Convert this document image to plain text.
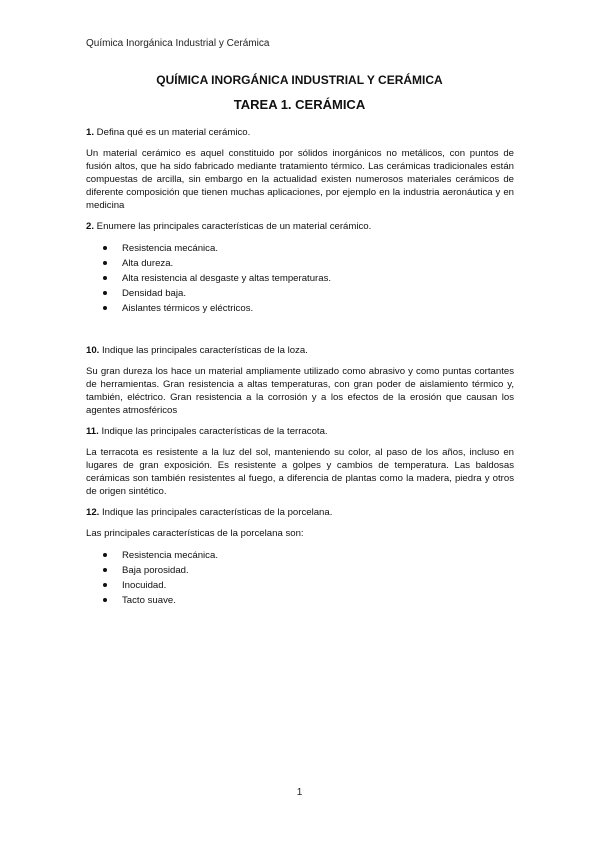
Química Inorgánica Industrial y Cerámica
QUÍMICA INORGÁNICA INDUSTRIAL Y CERÁMICA
TAREA 1. CERÁMICA

1. Defina qué es un material cerámico.

Un material cerámico es aquel constituido por sólidos inorgánicos no metálicos, con puntos de fusión altos, que ha sido fabricado mediante tratamiento térmico. Las cerámicas tradicionales están compuestas de arcilla, sin embargo en la actualidad existen numerosos materiales cerámicos de diferente composición que tienen muchas aplicaciones, por ejemplo en la industria aeronáutica y en medicina

2. Enumere las principales características de un material cerámico.

Resistencia mecánica.
Alta dureza.
Alta resistencia al desgaste y altas temperaturas.
Densidad baja.
Aislantes térmicos y eléctricos.

10. Indique las principales características de la loza.

Su gran dureza los hace un material ampliamente utilizado como abrasivo y como puntas cortantes de herramientas. Gran resistencia a altas temperaturas, con gran poder de aislamiento térmico y, también, eléctrico. Gran resistencia a la corrosión y a los efectos de la erosión que causan los agentes atmosféricos

11. Indique las principales características de la terracota.

La terracota es resistente a la luz del sol, manteniendo su color, al paso de los años, incluso en lugares de gran exposición. Es resistente a golpes y cambios de temperatura. Las baldosas cerámicas son también resistentes al fuego, a diferencia de plantas como la madera, piedra y otros de origen sintético.

12. Indique las principales características de la porcelana.

Las principales características de la porcelana son:

Resistencia mecánica.
Baja porosidad.
Inocuidad.
Tacto suave.
1
